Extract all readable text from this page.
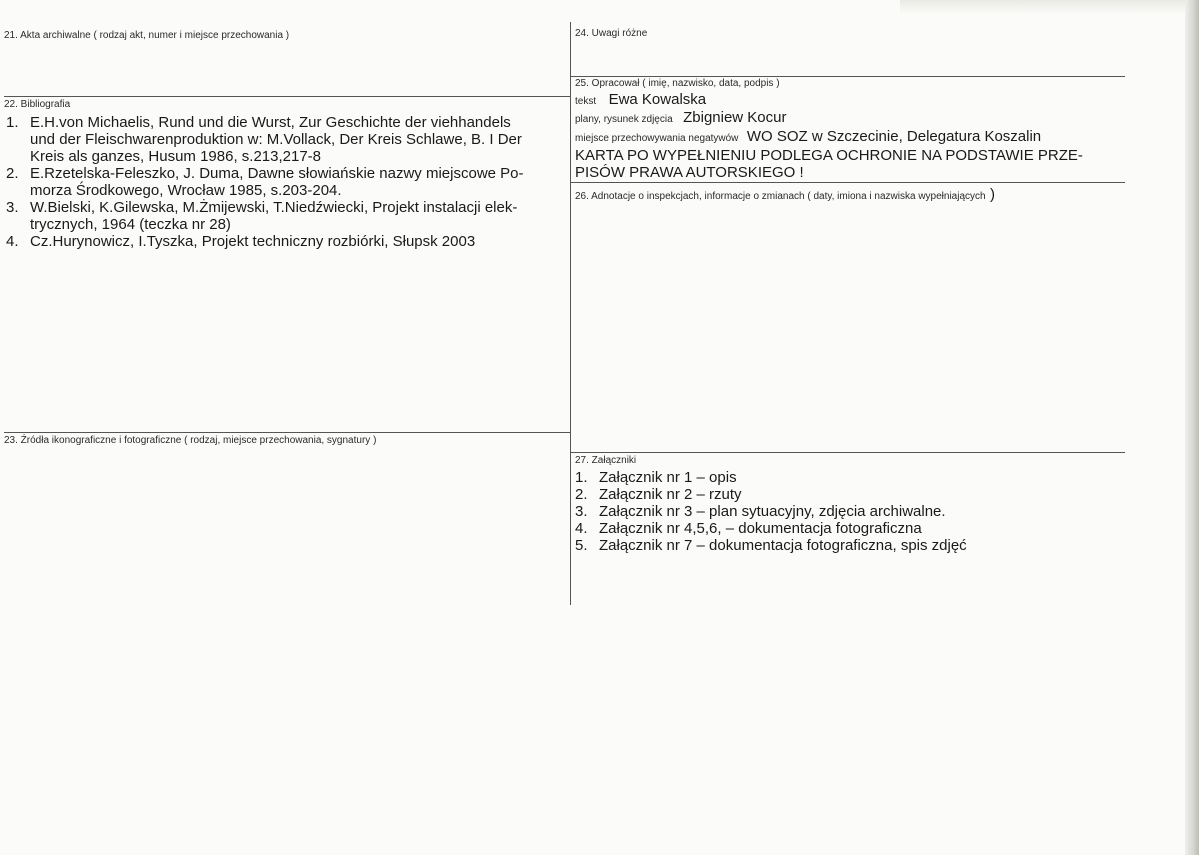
21. Akta archiwalne ( rodzaj akt, numer i miejsce przechowania )
22. Bibliografia
1. E.H.von Michaelis, Rund und die Wurst, Zur Geschichte der viehhandels
und der Fleischwarenproduktion w: M.Vollack, Der Kreis Schlawe, B. I Der
Kreis als ganzes, Husum 1986, s.213,217-8
2. E.Rzetelska-Feleszko, J. Duma, Dawne słowiańskie nazwy miejscowe Po-
morza Środkowego, Wrocław 1985, s.203-204.
3. W.Bielski, K.Gilewska, M.Żmijewski, T.Niedźwiecki, Projekt instalacji elek-
trycznych, 1964 (teczka nr 28)
4. Cz.Hurynowicz, I.Tyszka, Projekt techniczny rozbiórki, Słupsk 2003
23. Źródła ikonograficzne i fotograficzne ( rodzaj, miejsce przechowania, sygnatury )
24. Uwagi różne
25. Opracował ( imię, nazwisko, data, podpis )
tekst Ewa Kowalska
plany, rysunek zdjęcia Zbigniew Kocur
miejsce przechowywania negatywów WO SOZ w Szczecinie, Delegatura Koszalin
KARTA PO WYPEŁNIENIU PODLEGA OCHRONIE NA PODSTAWIE PRZE-
PISÓW PRAWA AUTORSKIEGO !
26. Adnotacje o inspekcjach, informacje o zmianach ( daty, imiona i nazwiska wypełniających )
27. Załączniki
1. Załącznik nr 1 – opis
2. Załącznik nr 2 – rzuty
3. Załącznik nr 3 – plan sytuacyjny, zdjęcia archiwalne.
4. Załącznik nr 4,5,6, – dokumentacja fotograficzna
5. Załącznik nr 7 – dokumentacja fotograficzna, spis zdjęć
